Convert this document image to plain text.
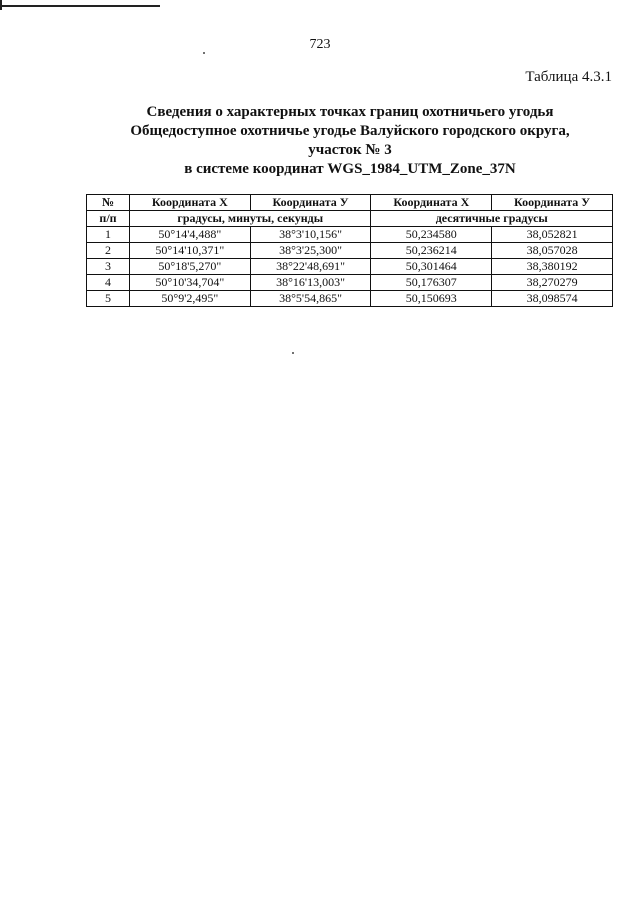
723
Таблица 4.3.1
Сведения о характерных точках границ охотничьего угодья
Общедоступное охотничье угодье Валуйского городского округа,
участок № 3
в системе координат WGS_1984_UTM_Zone_37N
№	Координата X	Координата У	Координата X	Координата У
п/п	градусы, минуты, секунды		десятичные градусы	
1	50°14'4,488"	38°3'10,156"	50,234580	38,052821
2	50°14'10,371"	38°3'25,300"	50,236214	38,057028
3	50°18'5,270"	38°22'48,691"	50,301464	38,380192
4	50°10'34,704"	38°16'13,003"	50,176307	38,270279
5	50°9'2,495"	38°5'54,865"	50,150693	38,098574
